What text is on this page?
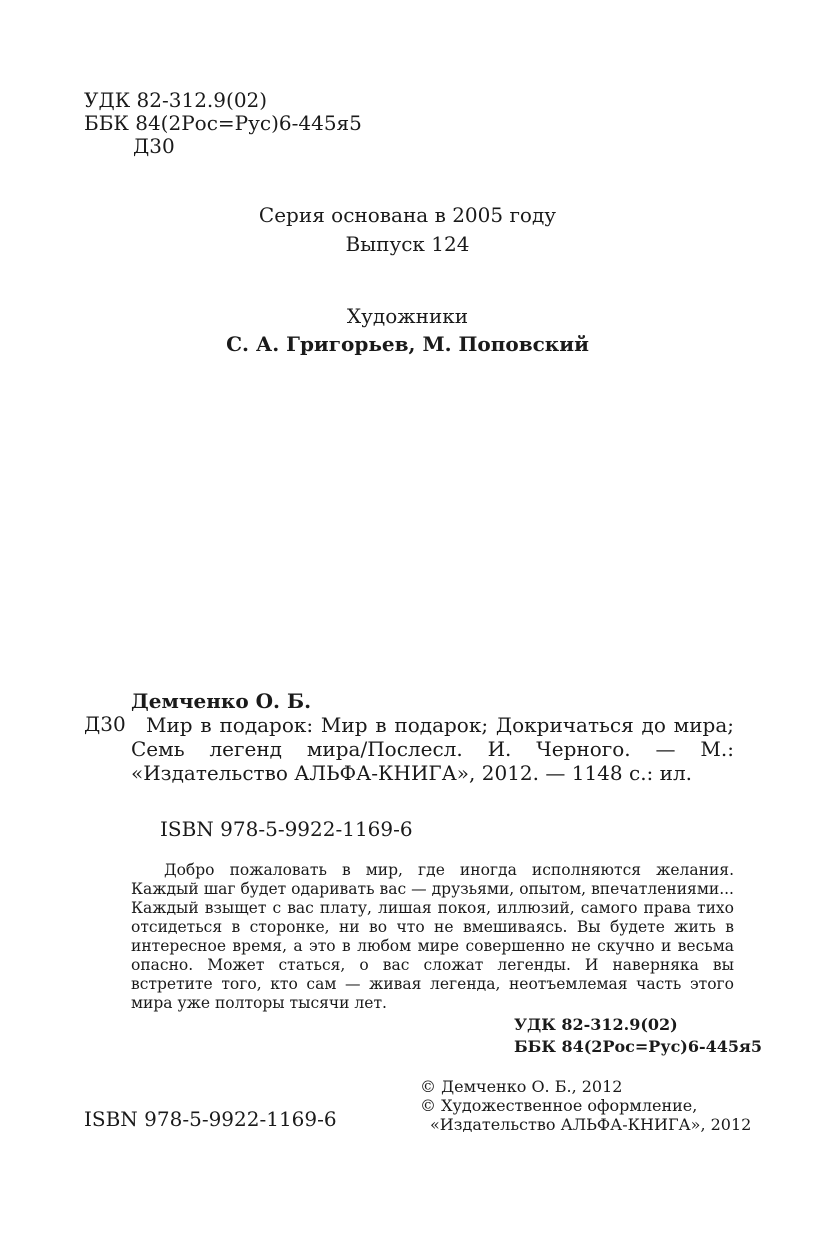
УДК 82-312.9(02)
ББК 84(2Рос=Рус)6-445я5
Д30
Серия основана в 2005 году
Выпуск 124
Художники
С. А. Григорьев, М. Поповский
Демченко О. Б.
Д30	Мир в подарок: Мир в подарок; Докричаться до мира; Семь легенд мира/Послесл. И. Черного. — М.: «Издательство АЛЬФА-КНИГА», 2012. — 1148 с.: ил.
ISBN 978-5-9922-1169-6
Добро пожаловать в мир, где иногда исполняются желания. Каждый шаг будет одаривать вас — друзьями, опытом, впечатлениями... Каждый взыщет с вас плату, лишая покоя, иллюзий, самого права тихо отсидеться в сторонке, ни во что не вмешиваясь. Вы будете жить в интересное время, а это в любом мире совершенно не скучно и весьма опасно. Может статься, о вас сложат легенды. И наверняка вы встретите того, кто сам — живая легенда, неотъемлемая часть этого мира уже полторы тысячи лет.
УДК 82-312.9(02)
ББК 84(2Рос=Рус)6-445я5
ISBN 978-5-9922-1169-6
© Демченко О. Б., 2012
© Художественное оформление,
«Издательство АЛЬФА-КНИГА», 2012
